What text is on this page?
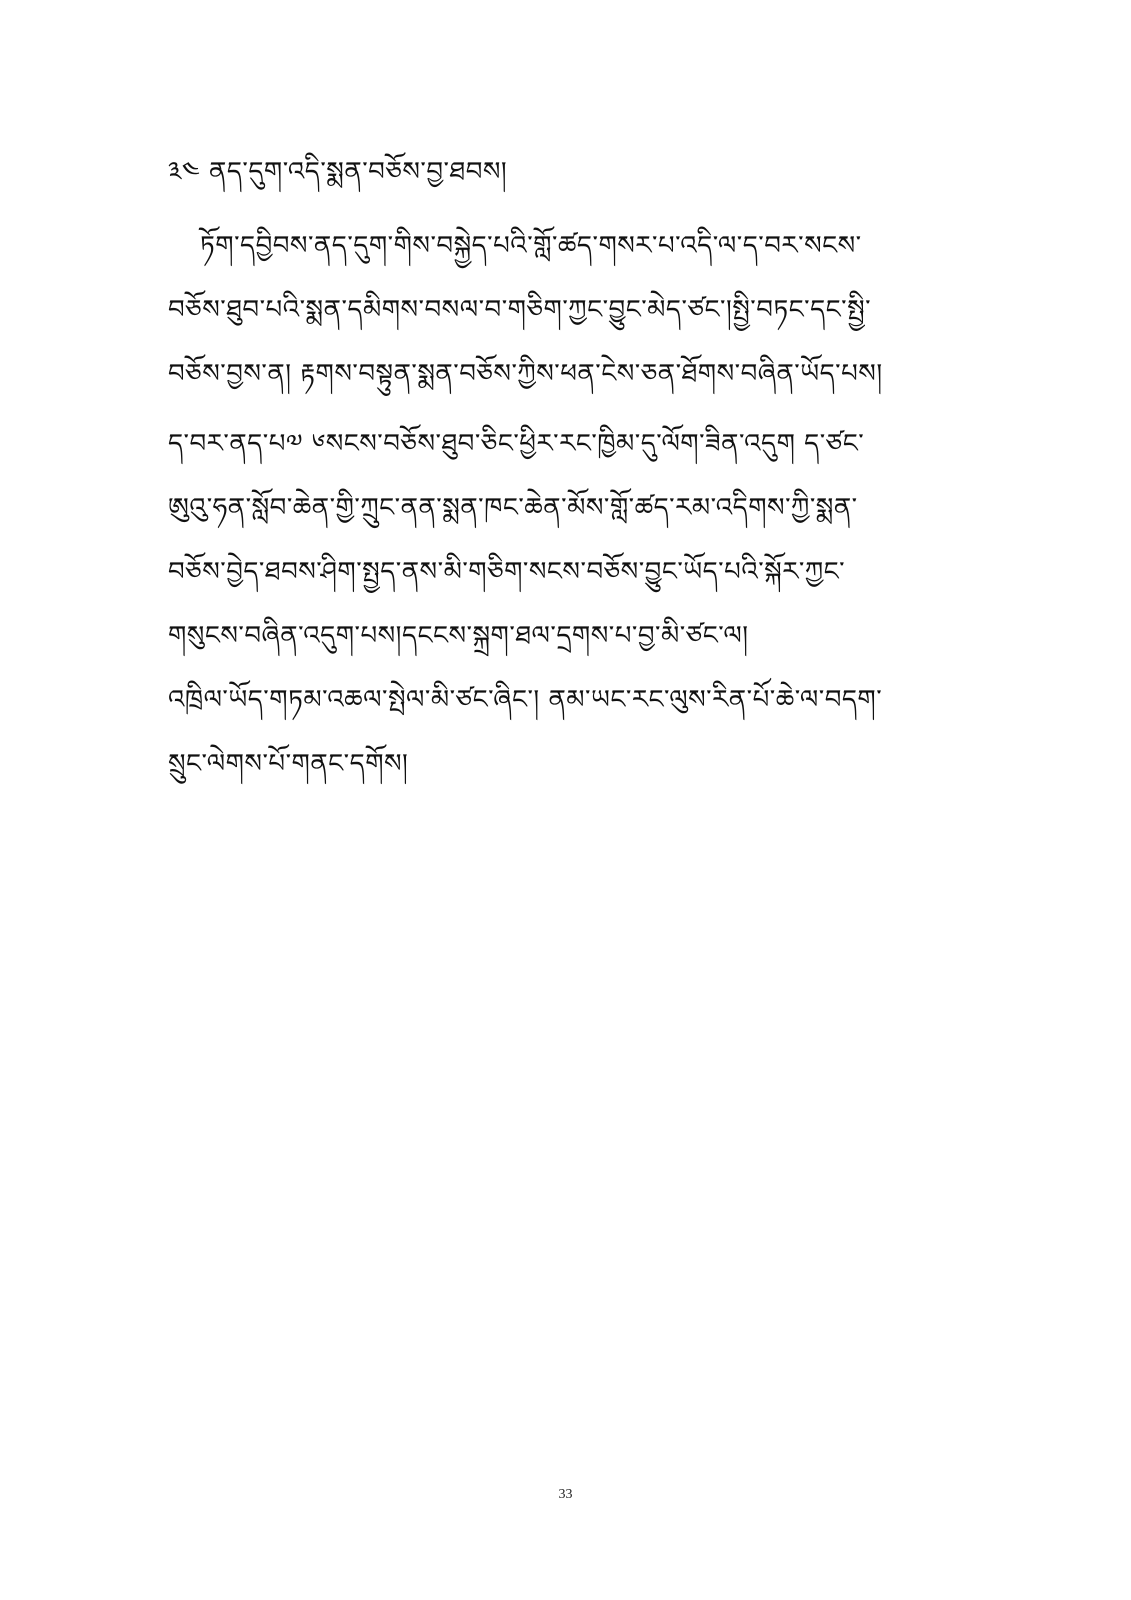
༣༤ ནད་དུག་འདི་སྨན་བཅོས་བྱ་ཐབས།
ཏོག་དབྱིབས་ནད་དུག་གིས་བསྐྱེད་པའི་གློ་ཚད་གསར་པ་འདི་ལ་ད་བར་སངས་
བཅོས་ཐུབ་པའི་སྨན་དམིགས་བསལ་བ་གཅིག་ཀྱང་བྱུང་མེད་ཙང་།སྤྱི་བཏང་དང་སྤྱི་
བཅོས་བྱས་ན། རྟགས་བསྟུན་སྨན་བཅོས་ཀྱིས་ཕན་ངེས་ཅན་ཐོགས་བཞིན་ཡོད་པས།
ད་བར་ནད་པ༧ ༦སངས་བཅོས་ཐུབ་ཅིང་ཕྱིར་རང་ཁྱིམ་དུ་ལོག་ཟིན་འདུག ད་ཙང་
ཨུའུ་ཧན་སློབ་ཆེན་གྱི་ཀྲུང་ནན་སྨན་ཁང་ཆེན་མོས་གློ་ཚད་རམ་འདིགས་ཀྱི་སྨན་
བཅོས་བྱེད་ཐབས་ཤིག་སྤྱད་ནས་མི་གཅིག་སངས་བཅོས་བྱུང་ཡོད་པའི་སྐོར་ཀྱང་
གསུངས་བཞིན་འདུག་པས།དངངས་སྐྲག་ཐལ་དྲགས་པ་བྱ་མི་ཙང་ལ།
འཁྲིལ་ཡོད་གཏམ་འཆལ་སྤེལ་མི་ཙང་ཞིང་། ནམ་ཡང་རང་ལུས་རིན་པོ་ཆེ་ལ་བདག་
སྲུང་ལེགས་པོ་གནང་དགོས།
33
